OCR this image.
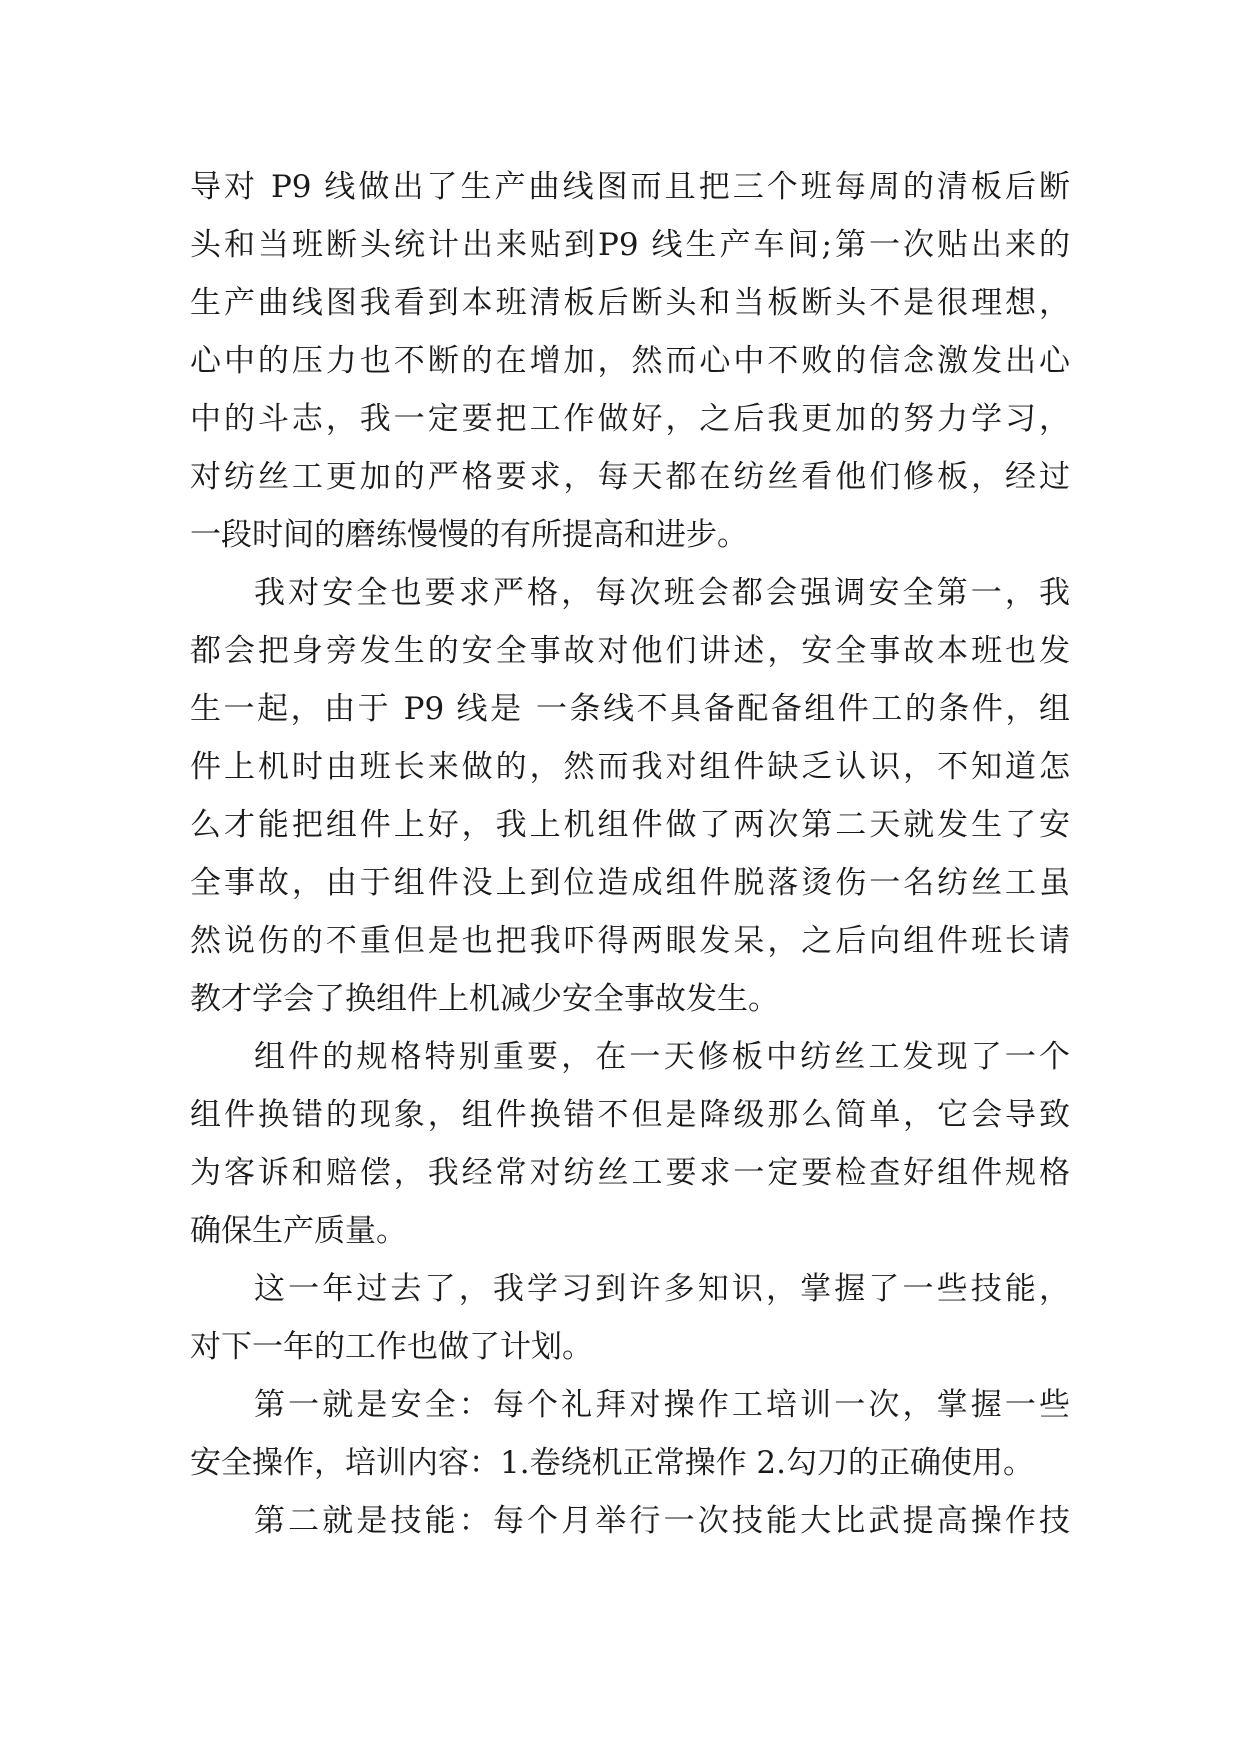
导对 P9 线做出了生产曲线图而且把三个班每周的清板后断
头和当班断头统计出来贴到P9 线生产车间;第一次贴出来的
生产曲线图我看到本班清板后断头和当板断头不是很理想，
心中的压力也不断的在增加，然而心中不败的信念激发出心
中的斗志，我一定要把工作做好，之后我更加的努力学习，
对纺丝工更加的严格要求，每天都在纺丝看他们修板，经过
一段时间的磨练慢慢的有所提高和进步。
我对安全也要求严格，每次班会都会强调安全第一，我
都会把身旁发生的安全事故对他们讲述，安全事故本班也发
生一起，由于 P9 线是 一条线不具备配备组件工的条件，组
件上机时由班长来做的，然而我对组件缺乏认识，不知道怎
么才能把组件上好，我上机组件做了两次第二天就发生了安
全事故，由于组件没上到位造成组件脱落烫伤一名纺丝工虽
然说伤的不重但是也把我吓得两眼发呆，之后向组件班长请
教才学会了换组件上机减少安全事故发生。
组件的规格特别重要，在一天修板中纺丝工发现了一个
组件换错的现象，组件换错不但是降级那么简单，它会导致
为客诉和赔偿，我经常对纺丝工要求一定要检查好组件规格
确保生产质量。
这一年过去了，我学习到许多知识，掌握了一些技能，
对下一年的工作也做了计划。
第一就是安全：每个礼拜对操作工培训一次，掌握一些
安全操作，培训内容：1.卷绕机正常操作 2.勾刀的正确使用。
第二就是技能：每个月举行一次技能大比武提高操作技
